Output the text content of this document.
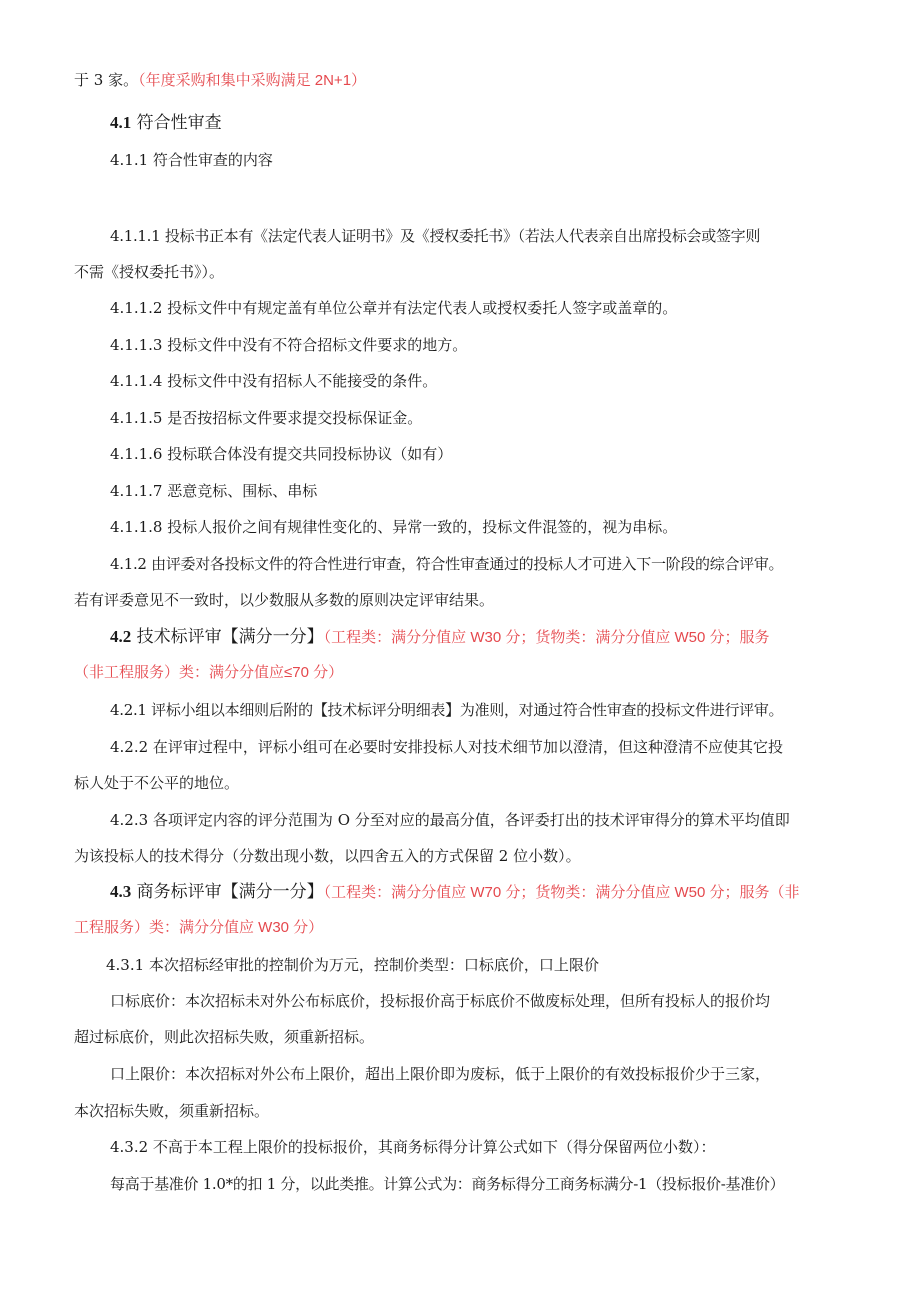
于 3 家。（年度采购和集中采购满足 2N+1）
4.1 符合性审查
4.1.1 符合性审查的内容
4.1.1.1 投标书正本有《法定代表人证明书》及《授权委托书》（若法人代表亲自出席投标会或签字则
不需《授权委托书》）。
4.1.1.2 投标文件中有规定盖有单位公章并有法定代表人或授权委托人签字或盖章的。
4.1.1.3 投标文件中没有不符合招标文件要求的地方。
4.1.1.4 投标文件中没有招标人不能接受的条件。
4.1.1.5 是否按招标文件要求提交投标保证金。
4.1.1.6 投标联合体没有提交共同投标协议（如有）
4.1.1.7 恶意竞标、围标、串标
4.1.1.8 投标人报价之间有规律性变化的、异常一致的，投标文件混签的，视为串标。
4.1.2 由评委对各投标文件的符合性进行审查，符合性审查通过的投标人才可进入下一阶段的综合评审。
若有评委意见不一致时，以少数服从多数的原则决定评审结果。
4.2 技术标评审【满分一分】（工程类：满分分值应 W30 分；货物类：满分分值应 W50 分；服务
（非工程服务）类：满分分值应≤70 分）
4.2.1 评标小组以本细则后附的【技术标评分明细表】为准则，对通过符合性审查的投标文件进行评审。
4.2.2 在评审过程中，评标小组可在必要时安排投标人对技术细节加以澄清，但这种澄清不应使其它投
标人处于不公平的地位。
4.2.3 各项评定内容的评分范围为 O 分至对应的最高分值，各评委打出的技术评审得分的算术平均值即
为该投标人的技术得分（分数出现小数，以四舍五入的方式保留 2 位小数）。
4.3 商务标评审【满分一分】（工程类：满分分值应 W70 分；货物类：满分分值应 W50 分；服务（非
工程服务）类：满分分值应 W30 分）
4.3.1 本次招标经审批的控制价为万元，控制价类型：口标底价，口上限价
口标底价：本次招标未对外公布标底价，投标报价高于标底价不做废标处理，但所有投标人的报价均
超过标底价，则此次招标失败，须重新招标。
口上限价：本次招标对外公布上限价，超出上限价即为废标，低于上限价的有效投标报价少于三家，
本次招标失败，须重新招标。
4.3.2 不高于本工程上限价的投标报价，其商务标得分计算公式如下（得分保留两位小数）：
每高于基准价 1.0*的扣 1 分，以此类推。计算公式为：商务标得分工商务标满分-1（投标报价-基准价）
